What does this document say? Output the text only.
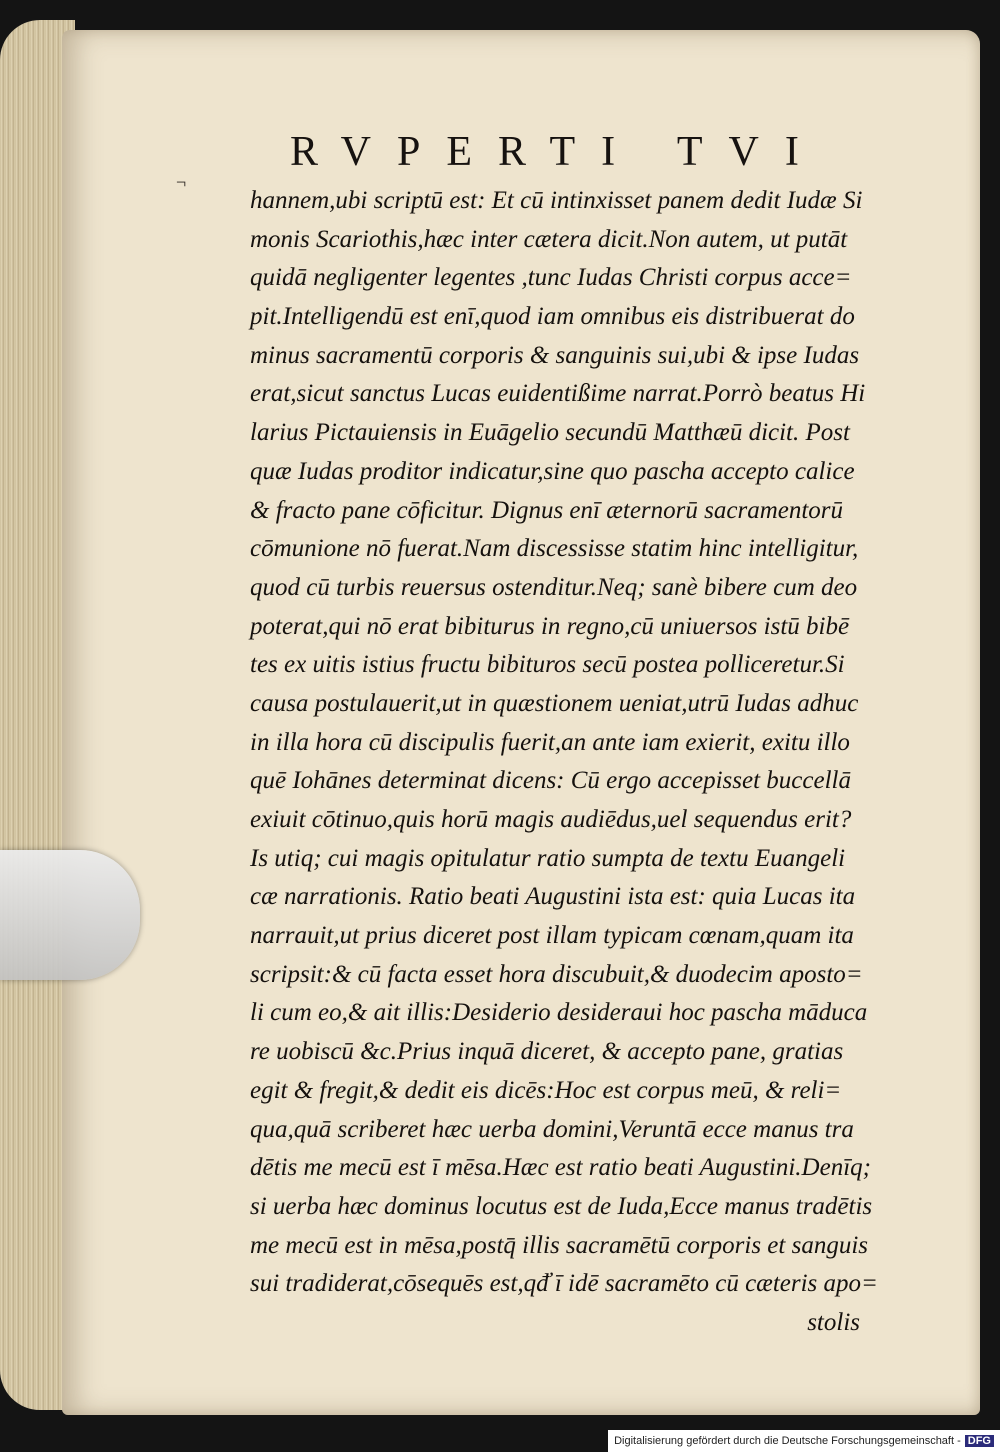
RVPERTI TVI
¬
hannem,ubi scriptū est: Et cū intinxisset panem dedit Iudæ Si
monis Scariothis,hæc inter cætera dicit.Non autem, ut putāt
quidā negligenter legentes ,tunc Iudas Christi corpus acce=
pit.Intelligendū est enī,quod iam omnibus eis distribuerat do
minus sacramentū corporis & sanguinis sui,ubi & ipse Iudas
erat,sicut sanctus Lucas euidentißime narrat.Porrò beatus Hi
larius Pictauiensis in Euāgelio secundū Matthæū dicit. Post
quæ Iudas proditor indicatur,sine quo pascha accepto calice
& fracto pane cōficitur. Dignus enī æternorū sacramentorū
cōmunione nō fuerat.Nam discessisse statim hinc intelligitur,
quod cū turbis reuersus ostenditur.Neq; sanè bibere cum deo
poterat,qui nō erat bibiturus in regno,cū uniuersos istū bibē
tes ex uitis istius fructu bibituros secū postea polliceretur.Si
causa postulauerit,ut in quæstionem ueniat,utrū Iudas adhuc
in illa hora cū discipulis fuerit,an ante iam exierit, exitu illo
quē Iohānes determinat dicens: Cū ergo accepisset buccellā
exiuit cōtinuo,quis horū magis audiēdus,uel sequendus erit?
Is utiq; cui magis opitulatur ratio sumpta de textu Euangeli
cæ narrationis. Ratio beati Augustini ista est: quia Lucas ita
narrauit,ut prius diceret post illam typicam cœnam,quam ita
scripsit:& cū facta esset hora discubuit,& duodecim aposto=
li cum eo,& ait illis:Desiderio desideraui hoc pascha māduca
re uobiscū &c.Prius inquā diceret, & accepto pane, gratias
egit & fregit,& dedit eis dicēs:Hoc est corpus meū, & reli=
qua,quā scriberet hæc uerba domini,Veruntā ecce manus tra
dētis me mecū est ī mēsa.Hæc est ratio beati Augustini.Denīq;
si uerba hæc dominus locutus est de Iuda,Ecce manus tradētis
me mecū est in mēsa,postq̄ illis sacramētū corporis et sanguis
sui tradiderat,cōsequēs est,qđ̓ ī idē sacramēto cū cæteris apo=
stolis
Digitalisierung gefördert durch die Deutsche Forschungsgemeinschaft - DFG
